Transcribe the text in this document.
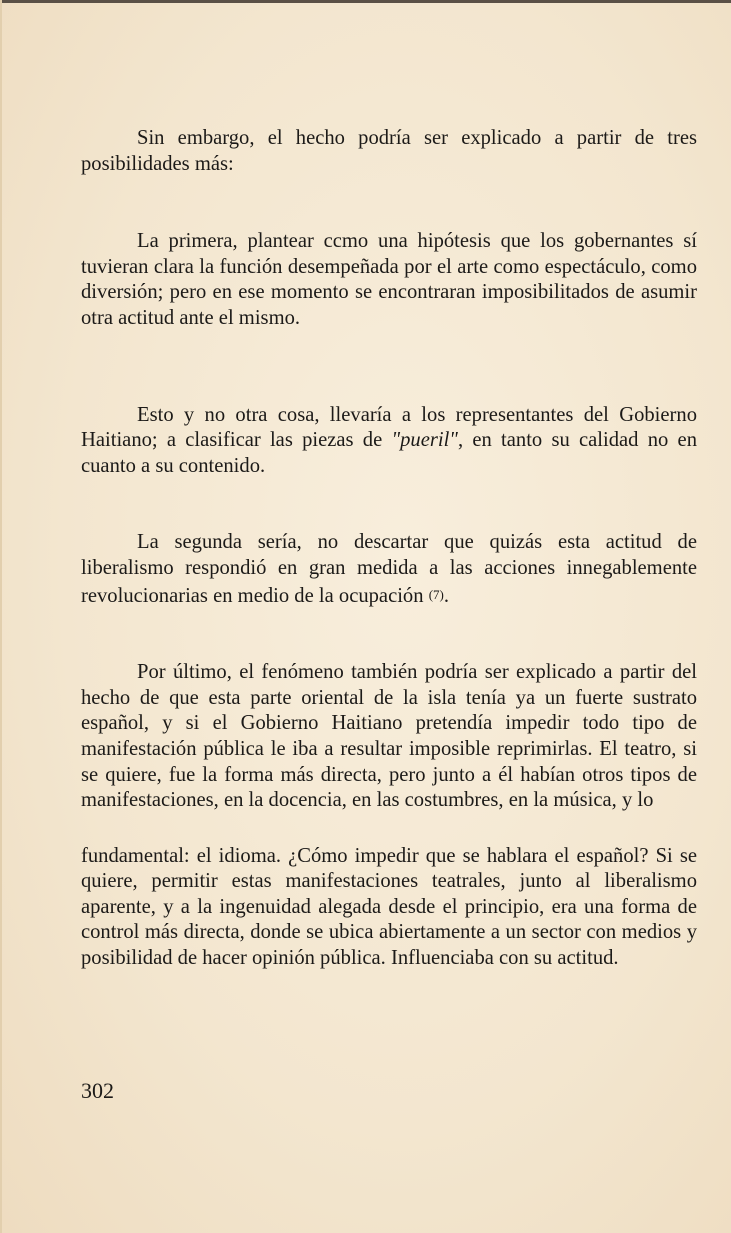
Sin embargo, el hecho podría ser explicado a partir de tres posibilidades más:

La primera, plantear ccmo una hipótesis que los gobernantes sí tuvieran clara la función desempeñada por el arte como espectáculo, como diversión; pero en ese momento se encontraran imposibilitados de asumir otra actitud ante el mismo.

Esto y no otra cosa, llevaría a los representantes del Gobierno Haitiano; a clasificar las piezas de "pueril", en tanto su calidad no en cuanto a su contenido.

La segunda sería, no descartar que quizás esta actitud de liberalismo respondió en gran medida a las acciones innegablemente revolucionarias en medio de la ocupación $^{(7)}$.

Por último, el fenómeno también podría ser explicado a partir del hecho de que esta parte oriental de la isla tenía ya un fuerte sustrato español, y si el Gobierno Haitiano pretendía impedir todo tipo de manifestación pública le iba a resultar imposible reprimirlas. El teatro, si se quiere, fue la forma más directa, pero junto a él habían otros tipos de manifestaciones, en la docencia, en las costumbres, en la música, y lo

fundamental: el idioma. ¿Cómo impedir que se hablara el español? Si se quiere, permitir estas manifestaciones teatrales, junto al liberalismo aparente, y a la ingenuidad alegada desde el principio, era una forma de control más directa, donde se ubica abiertamente a un sector con medios y posibilidad de hacer opinión pública. Influenciaba con su actitud.

302
